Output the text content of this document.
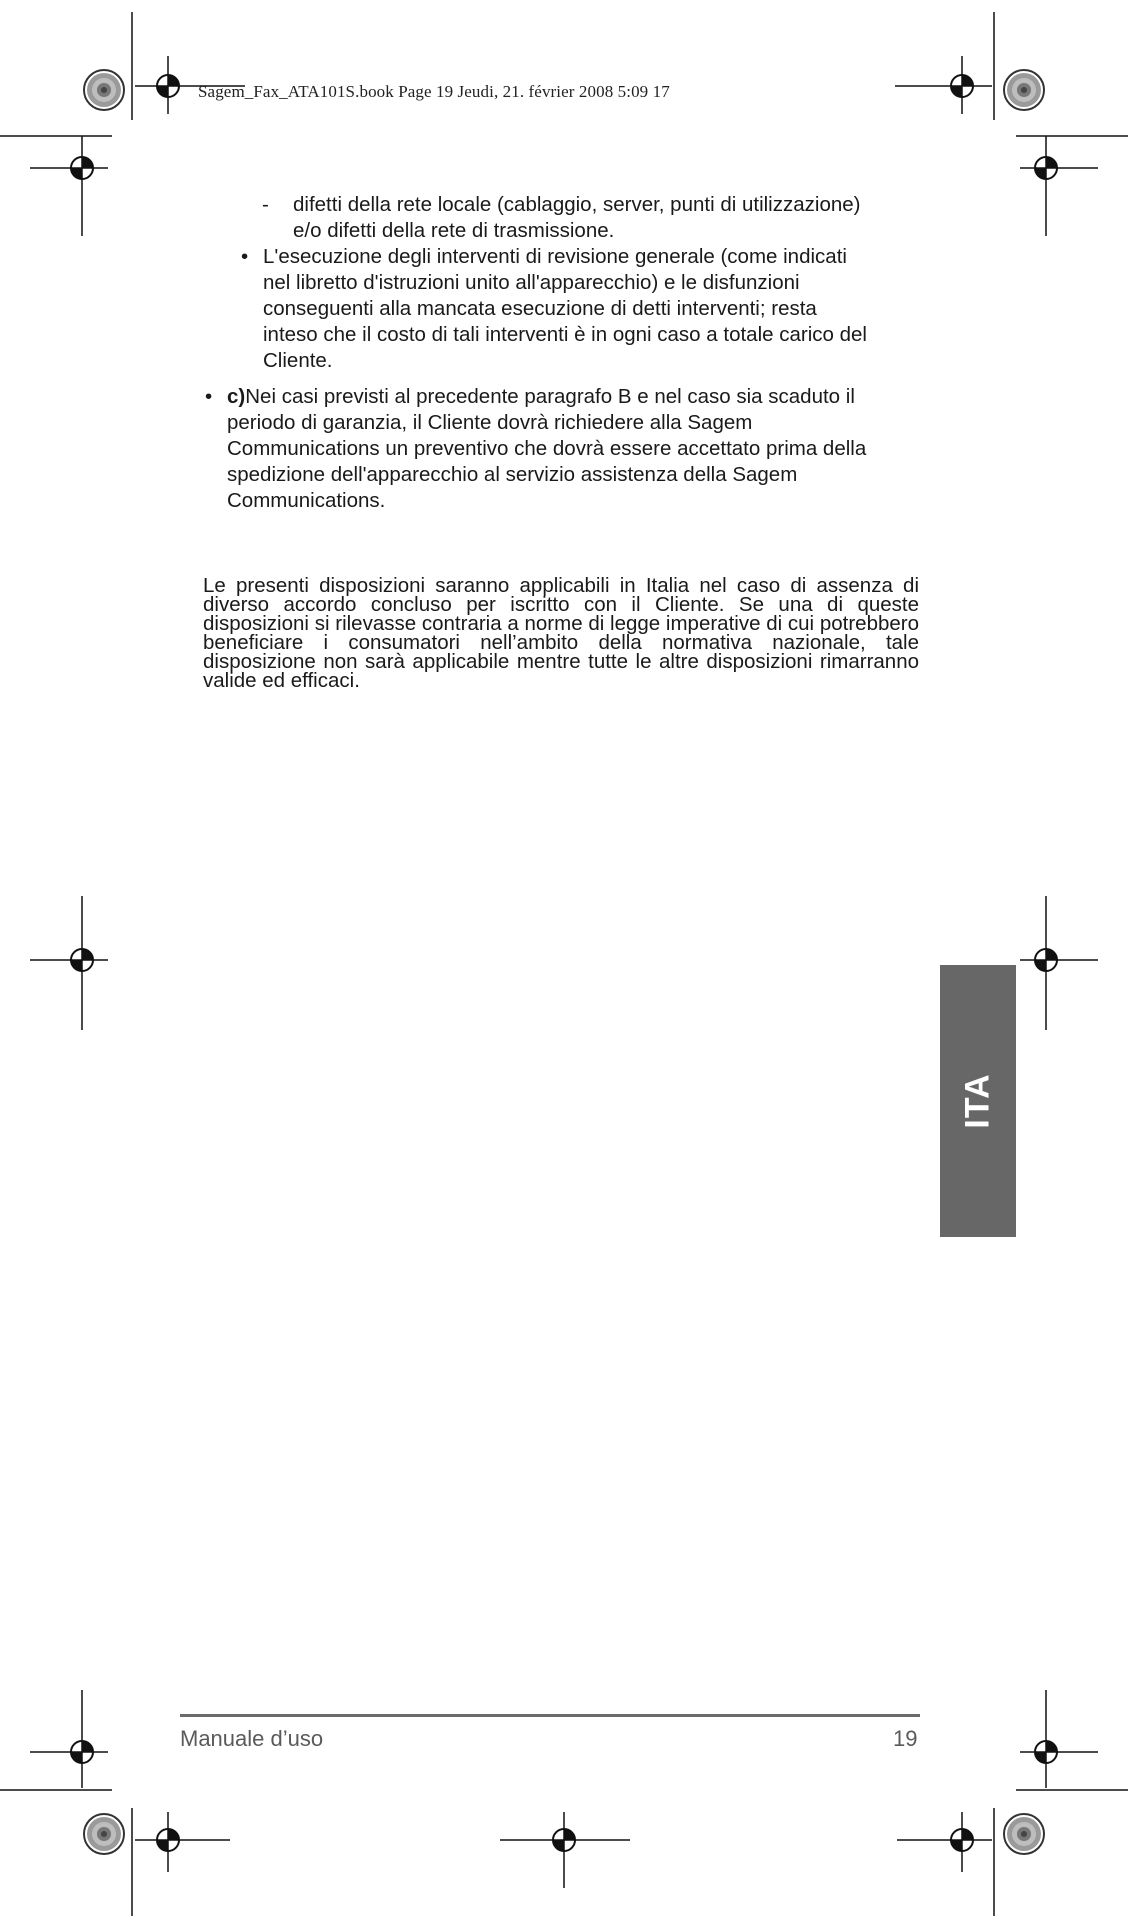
Sagem_Fax_ATA101S.book Page 19 Jeudi, 21. février 2008 5:09 17
- difetti della rete locale (cablaggio, server, punti di utilizzazione)
e/o difetti della rete di trasmissione.
• L'esecuzione degli interventi di revisione generale (come indicati
nel libretto d'istruzioni unito all'apparecchio) e le disfunzioni
conseguenti alla mancata esecuzione di detti interventi; resta
inteso che il costo di tali interventi è in ogni caso a totale carico del
Cliente.
• c)Nei casi previsti al precedente paragrafo B e nel caso sia scaduto il
periodo di garanzia, il Cliente dovrà richiedere alla Sagem
Communications un preventivo che dovrà essere accettato prima della
spedizione dell'apparecchio al servizio assistenza della Sagem
Communications.
Le presenti disposizioni saranno applicabili in Italia nel caso di assenza di diverso accordo concluso per iscritto con il Cliente. Se una di queste disposizioni si rilevasse contraria a norme di legge imperative di cui potrebbero beneficiare i consumatori nell’ambito della normativa nazionale, tale disposizione non sarà applicabile mentre tutte le altre disposizioni rimarranno valide ed efficaci.
ITA
Manuale d’uso	19
